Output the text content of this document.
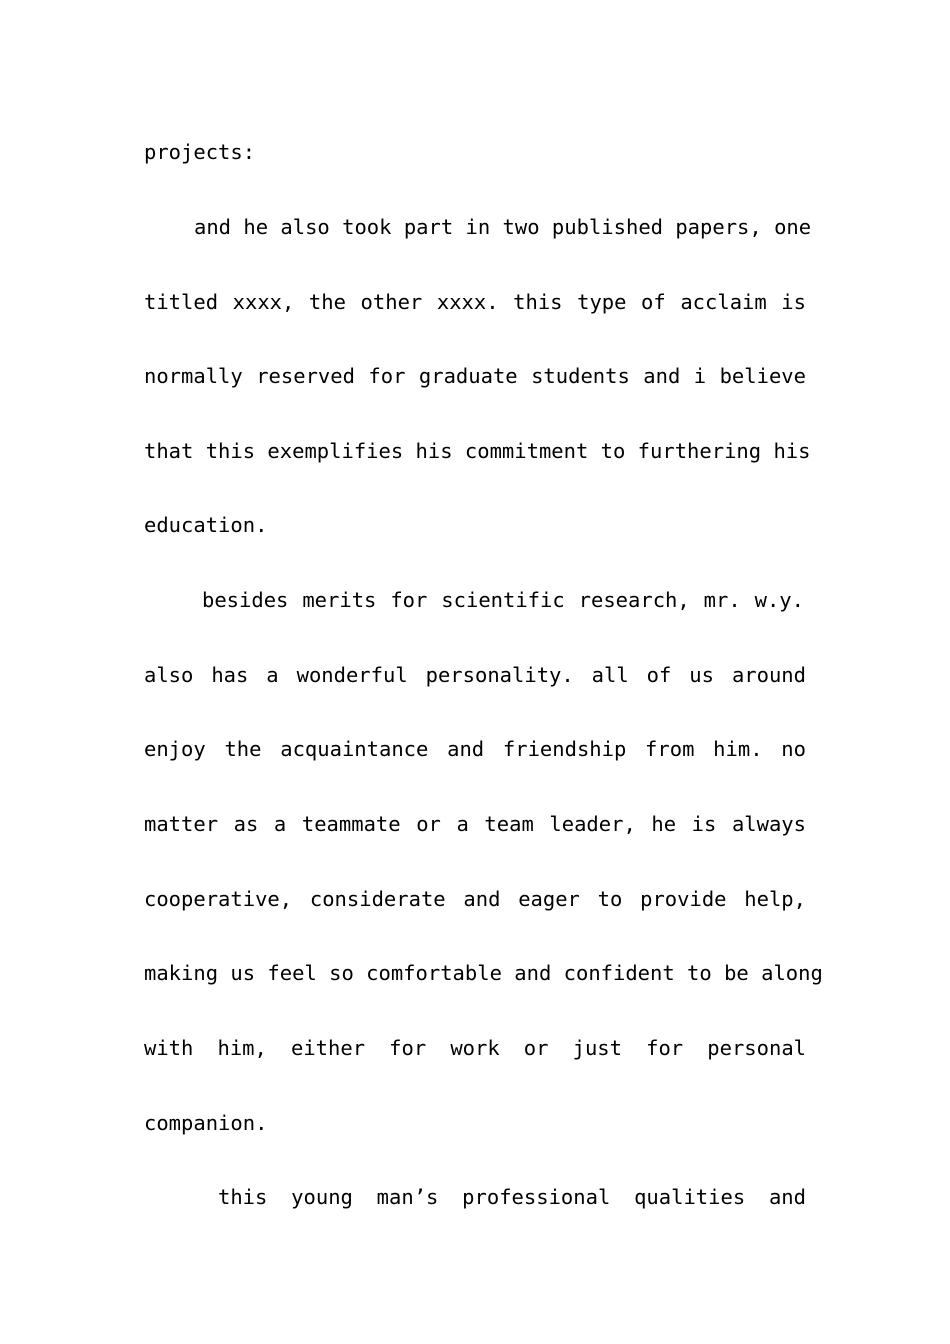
projects:
and he also took part in two published papers, one
titled xxxx, the other xxxx. this type of acclaim is
normally reserved for graduate students and i believe
that this exemplifies his commitment to furthering his
education.
besides merits for scientific research, mr. w.y.
also has a wonderful personality. all of us around
enjoy the acquaintance and friendship from him. no
matter as a teammate or a team leader, he is always
cooperative, considerate and eager to provide help,
making us feel so comfortable and confident to be along
with him, either for work or just for personal
companion.
this young man’s professional qualities and
